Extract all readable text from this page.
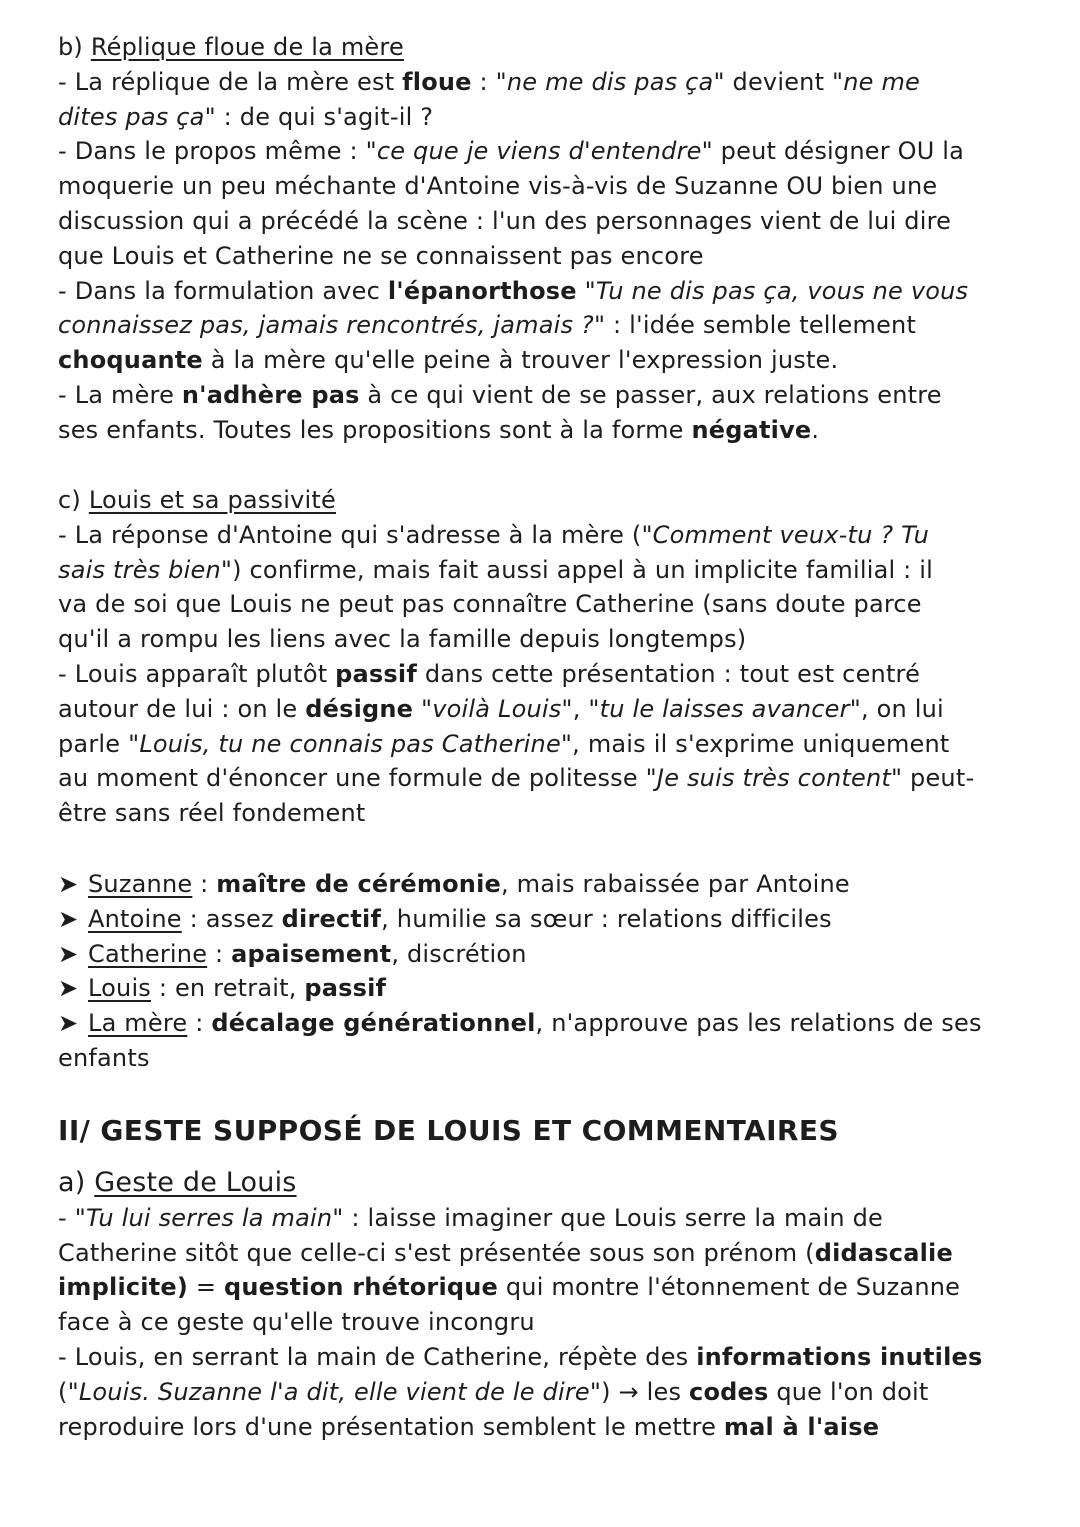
b) Réplique floue de la mère
- La réplique de la mère est floue : "ne me dis pas ça" devient "ne me
dites pas ça" : de qui s'agit-il ?
- Dans le propos même : "ce que je viens d'entendre" peut désigner OU la
moquerie un peu méchante d'Antoine vis-à-vis de Suzanne OU bien une
discussion qui a précédé la scène : l'un des personnages vient de lui dire
que Louis et Catherine ne se connaissent pas encore
- Dans la formulation avec l'épanorthose "Tu ne dis pas ça, vous ne vous
connaissez pas, jamais rencontrés, jamais ?" : l'idée semble tellement
choquante à la mère qu'elle peine à trouver l'expression juste.
- La mère n'adhère pas à ce qui vient de se passer, aux relations entre
ses enfants. Toutes les propositions sont à la forme négative.
c) Louis et sa passivité
- La réponse d'Antoine qui s'adresse à la mère ("Comment veux-tu ? Tu
sais très bien") confirme, mais fait aussi appel à un implicite familial : il
va de soi que Louis ne peut pas connaître Catherine (sans doute parce
qu'il a rompu les liens avec la famille depuis longtemps)
- Louis apparaît plutôt passif dans cette présentation : tout est centré
autour de lui : on le désigne "voilà Louis", "tu le laisses avancer", on lui
parle "Louis, tu ne connais pas Catherine", mais il s'exprime uniquement
au moment d'énoncer une formule de politesse "Je suis très content" peut-
être sans réel fondement
➤ Suzanne : maître de cérémonie, mais rabaissée par Antoine
➤ Antoine : assez directif, humilie sa sœur : relations difficiles
➤ Catherine : apaisement, discrétion
➤ Louis : en retrait, passif
➤ La mère : décalage générationnel, n'approuve pas les relations de ses
enfants
II/ GESTE SUPPOSÉ DE LOUIS ET COMMENTAIRES
a) Geste de Louis
- "Tu lui serres la main" : laisse imaginer que Louis serre la main de
Catherine sitôt que celle-ci s'est présentée sous son prénom (didascalie
implicite) = question rhétorique qui montre l'étonnement de Suzanne
face à ce geste qu'elle trouve incongru
- Louis, en serrant la main de Catherine, répète des informations inutiles
("Louis. Suzanne l'a dit, elle vient de le dire") → les codes que l'on doit
reproduire lors d'une présentation semblent le mettre mal à l'aise
